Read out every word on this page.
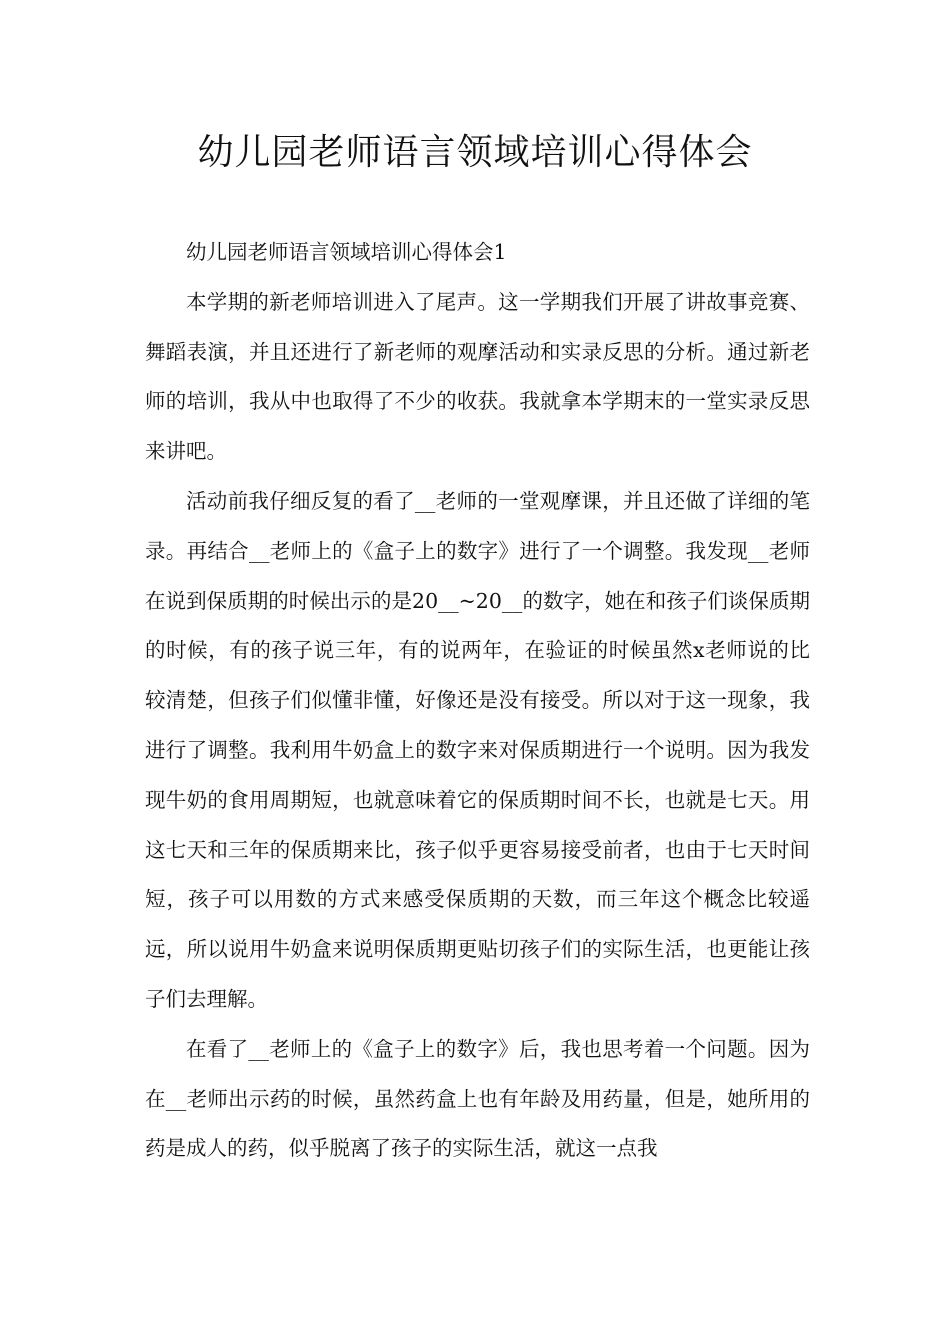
幼儿园老师语言领域培训心得体会

幼儿园老师语言领域培训心得体会1

本学期的新老师培训进入了尾声。这一学期我们开展了讲故事竞赛、舞蹈表演，并且还进行了新老师的观摩活动和实录反思的分析。通过新老师的培训，我从中也取得了不少的收获。我就拿本学期末的一堂实录反思来讲吧。

活动前我仔细反复的看了__老师的一堂观摩课，并且还做了详细的笔录。再结合__老师上的《盒子上的数字》进行了一个调整。我发现__老师在说到保质期的时候出示的是20__~20__的数字，她在和孩子们谈保质期的时候，有的孩子说三年，有的说两年，在验证的时候虽然x老师说的比较清楚，但孩子们似懂非懂，好像还是没有接受。所以对于这一现象，我进行了调整。我利用牛奶盒上的数字来对保质期进行一个说明。因为我发现牛奶的食用周期短，也就意味着它的保质期时间不长，也就是七天。用这七天和三年的保质期来比，孩子似乎更容易接受前者，也由于七天时间短，孩子可以用数的方式来感受保质期的天数，而三年这个概念比较遥远，所以说用牛奶盒来说明保质期更贴切孩子们的实际生活，也更能让孩子们去理解。

在看了__老师上的《盒子上的数字》后，我也思考着一个问题。因为在__老师出示药的时候，虽然药盒上也有年龄及用药量，但是，她所用的药是成人的药，似乎脱离了孩子的实际生活，就这一点我
